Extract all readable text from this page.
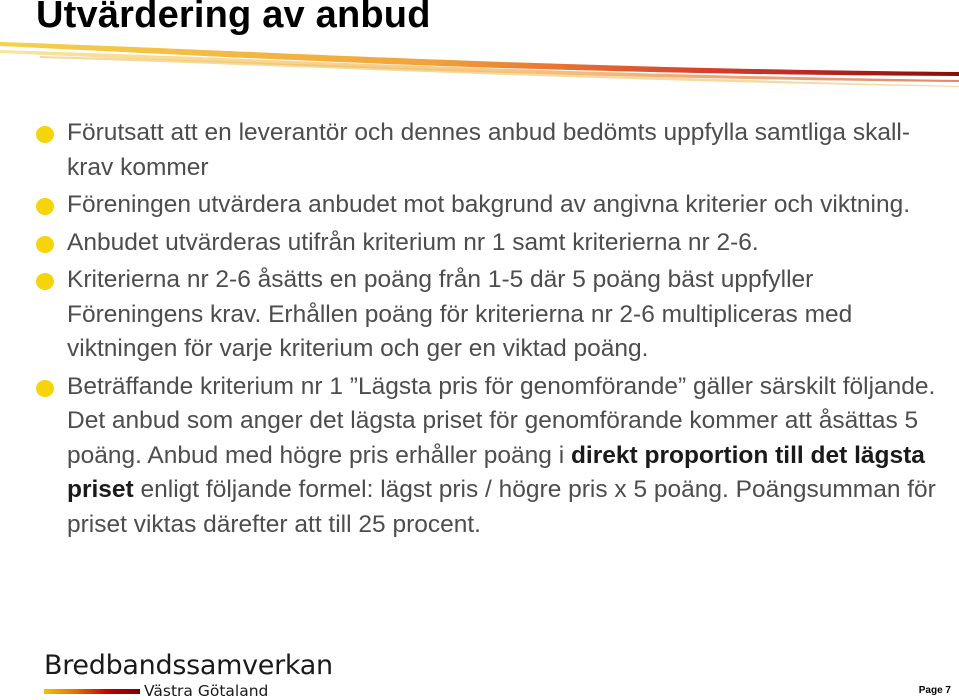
Utvärdering av anbud
Förutsatt att en leverantör och dennes anbud bedömts uppfylla samtliga skall-krav kommer
Föreningen utvärdera anbudet mot bakgrund av angivna kriterier och viktning.
Anbudet utvärderas utifrån kriterium nr 1 samt kriterierna nr 2-6.
Kriterierna nr 2-6 åsätts en poäng från 1-5 där 5 poäng bäst uppfyller Föreningens krav. Erhållen poäng för kriterierna nr 2-6 multipliceras med viktningen för varje kriterium och ger en viktad poäng.
Beträffande kriterium nr 1 ”Lägsta pris för genomförande” gäller särskilt följande. Det anbud som anger det lägsta priset för genomförande kommer att åsättas 5 poäng. Anbud med högre pris erhåller poäng i direkt proportion till det lägsta priset enligt följande formel: lägst pris / högre pris x 5 poäng. Poängsumman för priset viktas därefter att till 25 procent.
Bredbandssamverkan
Västra Götaland	Page 7
